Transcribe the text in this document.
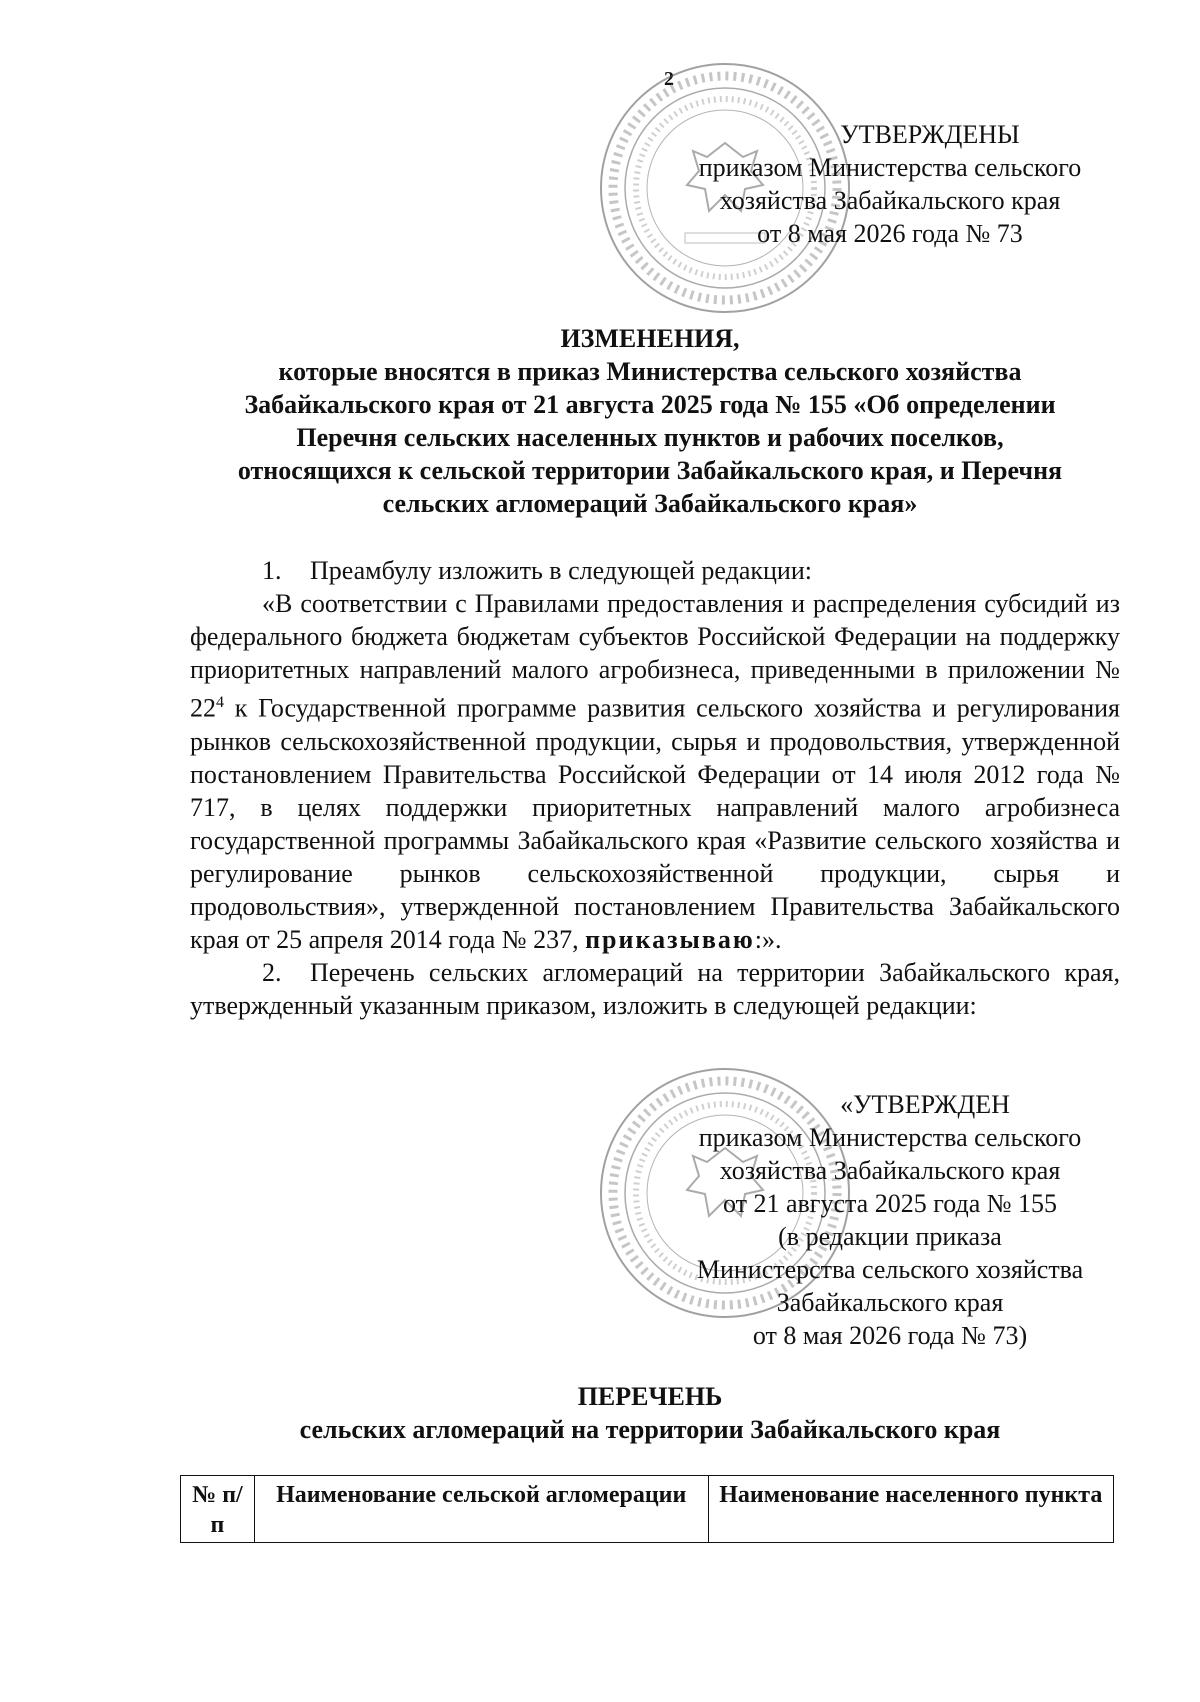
2
УТВЕРЖДЕНЫ
приказом Министерства сельского
хозяйства Забайкальского края
от 8 мая 2026 года № 73
ИЗМЕНЕНИЯ,
которые вносятся в приказ Министерства сельского хозяйства
Забайкальского края от 21 августа 2025 года № 155 «Об определении
Перечня сельских населенных пунктов и рабочих поселков,
относящихся к сельской территории Забайкальского края, и Перечня
сельских агломераций Забайкальского края»
1.	Преамбулу изложить в следующей редакции:

«В соответствии с Правилами предоставления и распределения субсидий из федерального бюджета бюджетам субъектов Российской Федерации на поддержку приоритетных направлений малого агробизнеса, приведенными в приложении № $22^4$ к Государственной программе развития сельского хозяйства и регулирования рынков сельскохозяйственной продукции, сырья и продовольствия, утвержденной постановлением Правительства Российской Федерации от 14 июля 2012 года № 717, в целях поддержки приоритетных направлений малого агробизнеса государственной программы Забайкальского края «Развитие сельского хозяйства и регулирование рынков сельскохозяйственной продукции, сырья и продовольствия», утвержденной постановлением Правительства Забайкальского края от 25 апреля 2014 года № 237, приказываю:».

2. Перечень сельских агломераций на территории Забайкальского края, утвержденный указанным приказом, изложить в следующей редакции:

«УТВЕРЖДЕН
приказом Министерства сельского
хозяйства Забайкальского края
от 21 августа 2025 года № 155
(в редакции приказа
Министерства сельского хозяйства
Забайкальского края
от 8 мая 2026 года № 73)
ПЕРЕЧЕНЬ
сельских агломераций на территории Забайкальского края
№ п/п	Наименование сельской агломерации	Наименование населенного пункта
